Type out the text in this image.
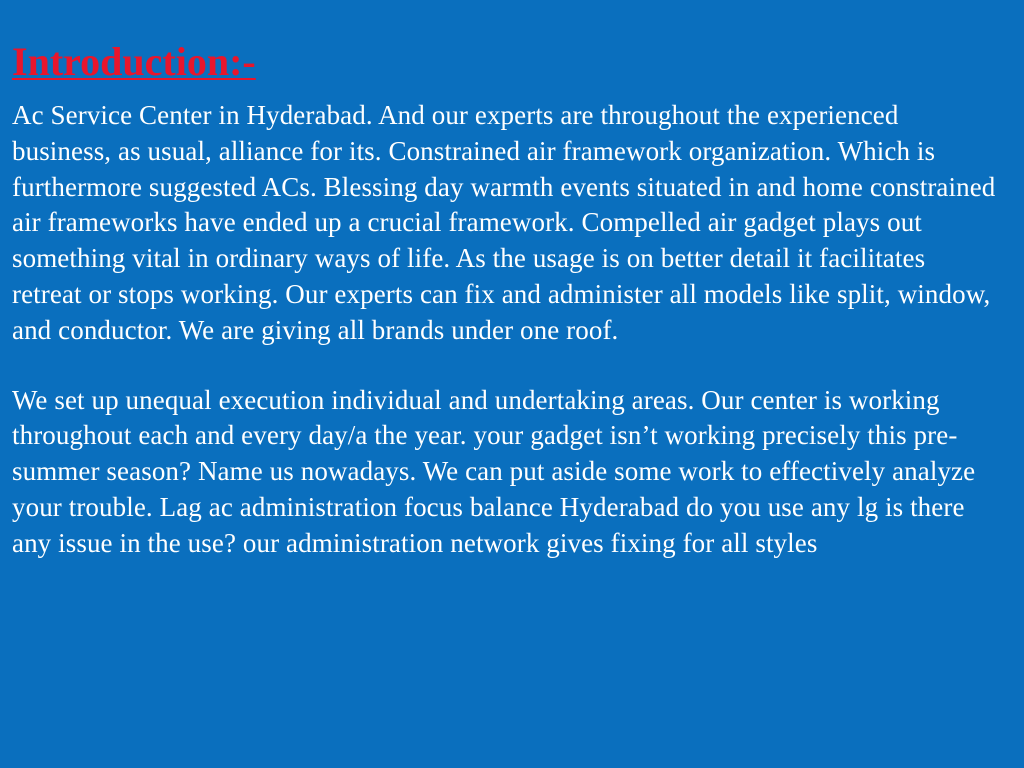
Introduction:-

Ac Service Center in Hyderabad. And our experts are throughout the experienced business, as usual, alliance for its. Constrained air framework organization. Which is furthermore suggested ACs. Blessing day warmth events situated in and home constrained air frameworks have ended up a crucial framework. Compelled air gadget plays out something vital in ordinary ways of life. As the usage is on better detail it facilitates retreat or stops working. Our experts can fix and administer all models like split, window, and conductor. We are giving all brands under one roof.

We set up unequal execution individual and undertaking areas. Our center is working throughout each and every day/a the year. your gadget isn’t working precisely this pre-summer season? Name us nowadays. We can put aside some work to effectively analyze your trouble. Lag ac administration focus balance Hyderabad do you use any lg is there any issue in the use? our administration network gives fixing for all styles
